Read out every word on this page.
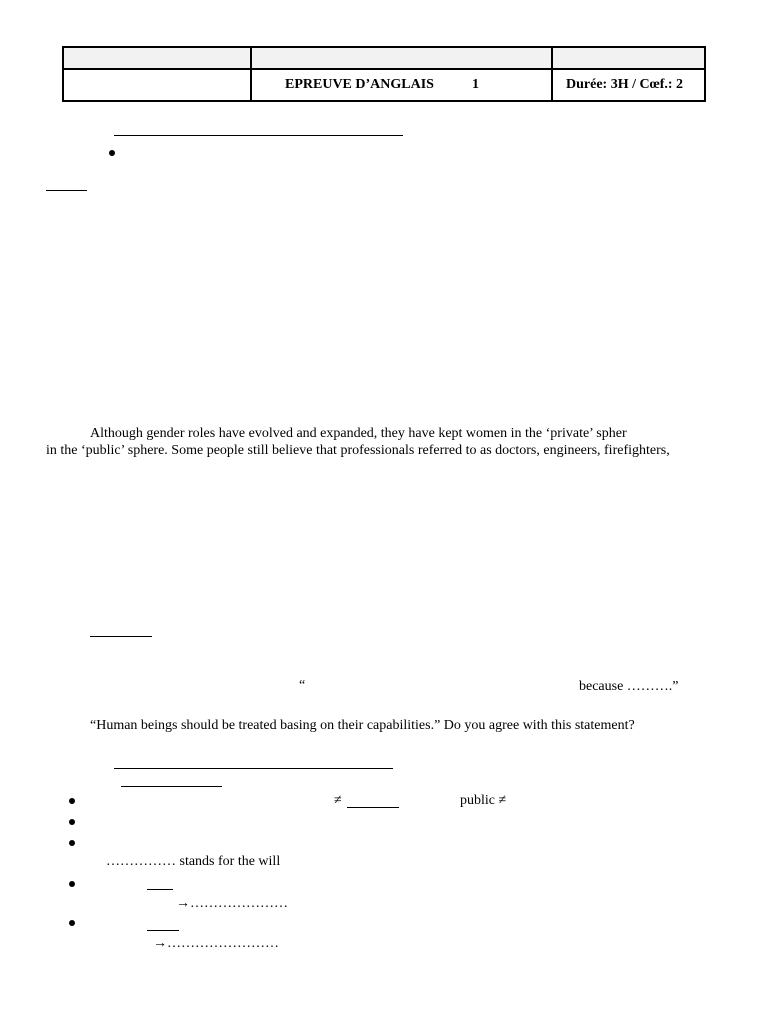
EPREUVE D’ANGLAIS	1	Durée: 3H / Cœf.: 2
Although gender roles have evolved and expanded, they have kept women in the ‘private’ spher
in the ‘public’ sphere. Some people still believe that professionals referred to as doctors, engineers, firefighters,
“	because ……….”
“Human beings should be treated basing on their capabilities.” Do you agree with this statement?
≠	public ≠
…………… stands for the will
→…………………
→……………………
